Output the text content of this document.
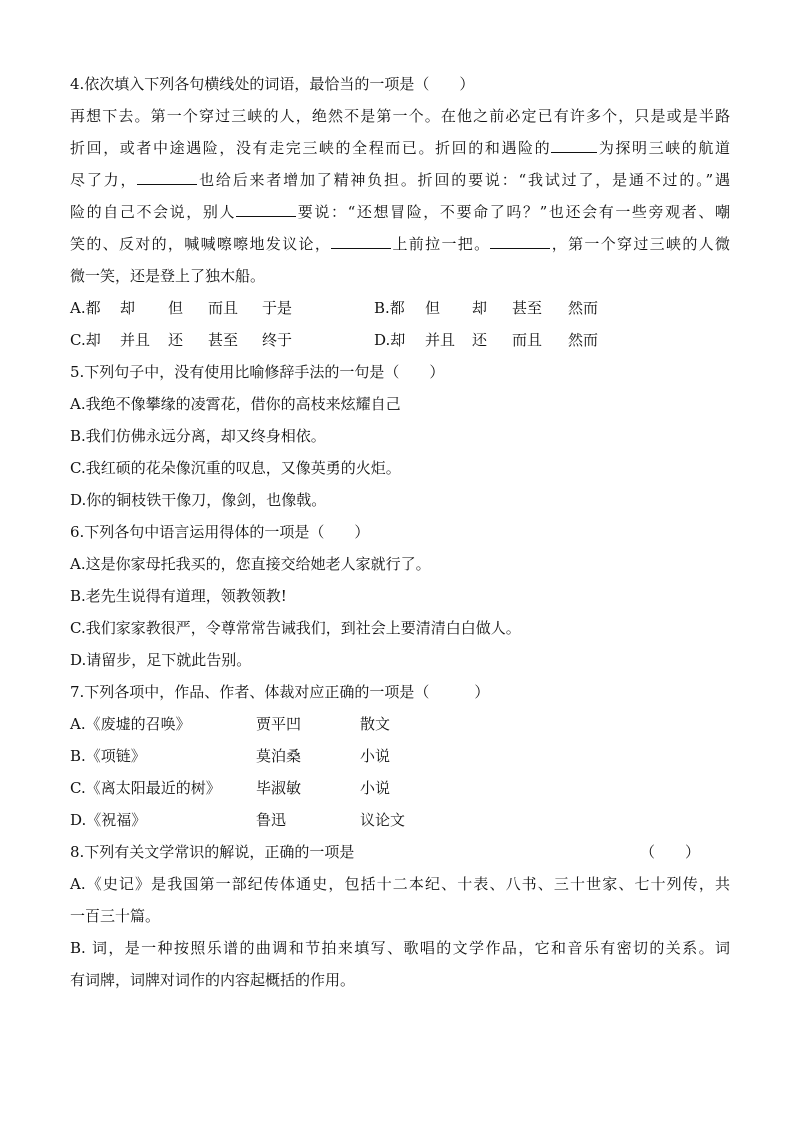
4.依次填入下列各句横线处的词语，最恰当的一项是（　　）
再想下去。第一个穿过三峡的人，绝然不是第一个。在他之前必定已有许多个，只是或是半路
折回，或者中途遇险，没有走完三峡的全程而已。折回的和遇险的	为探明三峡的航道
尽了力，	也给后来者增加了精神负担。折回的要说：“我试过了，是通不过的。”遇
险的自己不会说，别人	要说：“还想冒险，不要命了吗？”也还会有一些旁观者、嘲
笑的、反对的，喊喊嚓嚓地发议论，	上前拉一把。	，第一个穿过三峡的人微
微一笑，还是登上了独木船。
A.都 却 但 而且 于是	B.都 但 却 甚至 然而
C.却 并且 还 甚至 终于	D.却 并且 还 而且 然而
5.下列句子中，没有使用比喻修辞手法的一句是（　　）
A.我绝不像攀缘的凌霄花，借你的高枝来炫耀自己
B.我们仿佛永远分离，却又终身相依。
C.我红硕的花朵像沉重的叹息，又像英勇的火炬。
D.你的铜枝铁干像刀，像剑，也像戟。
6.下列各句中语言运用得体的一项是（　　）
A.这是你家母托我买的，您直接交给她老人家就行了。
B.老先生说得有道理，领教领教!
C.我们家家教很严，令尊常常告诫我们，到社会上要清清白白做人。
D.请留步，足下就此告别。
7.下列各项中，作品、作者、体裁对应正确的一项是（　　　）
A.《废墟的召唤》	贾平凹	散文
B.《项链》	莫泊桑	小说
C.《离太阳最近的树》 毕淑敏	小说
D.《祝福》	鲁迅	议论文
8.下列有关文学常识的解说，正确的一项是	（　　）
A.《史记》是我国第一部纪传体通史，包括十二本纪、十表、八书、三十世家、七十列传，共
一百三十篇。
B. 词，是一种按照乐谱的曲调和节拍来填写、歌唱的文学作品，它和音乐有密切的关系。词
有词牌，词牌对词作的内容起概括的作用。
